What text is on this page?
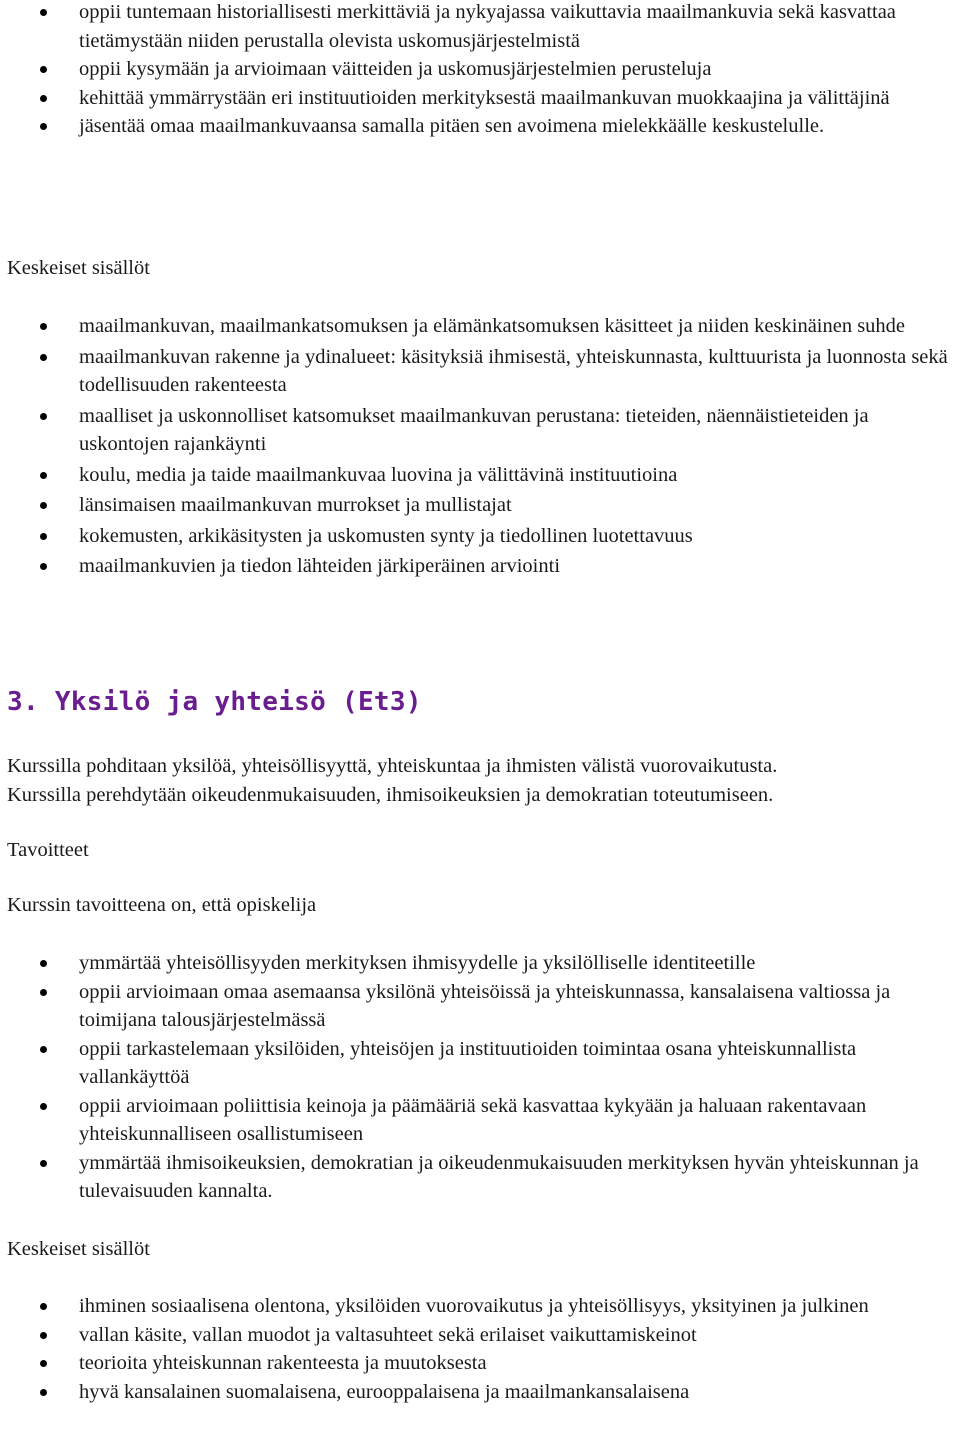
oppii tuntemaan historiallisesti merkittäviä ja nykyajassa vaikuttavia maailmankuvia sekä kasvattaa tietämystään niiden perustalla olevista uskomusjärjestelmistä
oppii kysymään ja arvioimaan väitteiden ja uskomusjärjestelmien perusteluja
kehittää ymmärrystään eri instituutioiden merkityksestä maailmankuvan muokkaajina ja välittäjinä
jäsentää omaa maailmankuvaansa samalla pitäen sen avoimena mielekkäälle keskustelulle.
Keskeiset sisällöt
maailmankuvan, maailmankatsomuksen ja elämänkatsomuksen käsitteet ja niiden keskinäinen suhde
maailmankuvan rakenne ja ydinalueet: käsityksiä ihmisestä, yhteiskunnasta, kulttuurista ja luonnosta sekä todellisuuden rakenteesta
maalliset ja uskonnolliset katsomukset maailmankuvan perustana: tieteiden, näennäistieteiden ja uskontojen rajankäynti
koulu, media ja taide maailmankuvaa luovina ja välittävinä instituutioina
länsimaisen maailmankuvan murrokset ja mullistajat
kokemusten, arkikäsitysten ja uskomusten synty ja tiedollinen luotettavuus
maailmankuvien ja tiedon lähteiden järkiperäinen arviointi
3. Yksilö ja yhteisö (Et3)
Kurssilla pohditaan yksilöä, yhteisöllisyyttä, yhteiskuntaa ja ihmisten välistä vuorovaikutusta.
Kurssilla perehdytään oikeudenmukaisuuden, ihmisoikeuksien ja demokratian toteutumiseen.
Tavoitteet
Kurssin tavoitteena on, että opiskelija
ymmärtää yhteisöllisyyden merkityksen ihmisyydelle ja yksilölliselle identiteetille
oppii arvioimaan omaa asemaansa yksilönä yhteisöissä ja yhteiskunnassa, kansalaisena valtiossa ja toimijana talousjärjestelmässä
oppii tarkastelemaan yksilöiden, yhteisöjen ja instituutioiden toimintaa osana yhteiskunnallista vallankäyttöä
oppii arvioimaan poliittisia keinoja ja päämääriä sekä kasvattaa kykyään ja haluaan rakentavaan yhteiskunnalliseen osallistumiseen
ymmärtää ihmisoikeuksien, demokratian ja oikeudenmukaisuuden merkityksen hyvän yhteiskunnan ja tulevaisuuden kannalta.
Keskeiset sisällöt
ihminen sosiaalisena olentona, yksilöiden vuorovaikutus ja yhteisöllisyys, yksityinen ja julkinen
vallan käsite, vallan muodot ja valtasuhteet sekä erilaiset vaikuttamiskeinot
teorioita yhteiskunnan rakenteesta ja muutoksesta
hyvä kansalainen suomalaisena, eurooppalaisena ja maailmankansalaisena
